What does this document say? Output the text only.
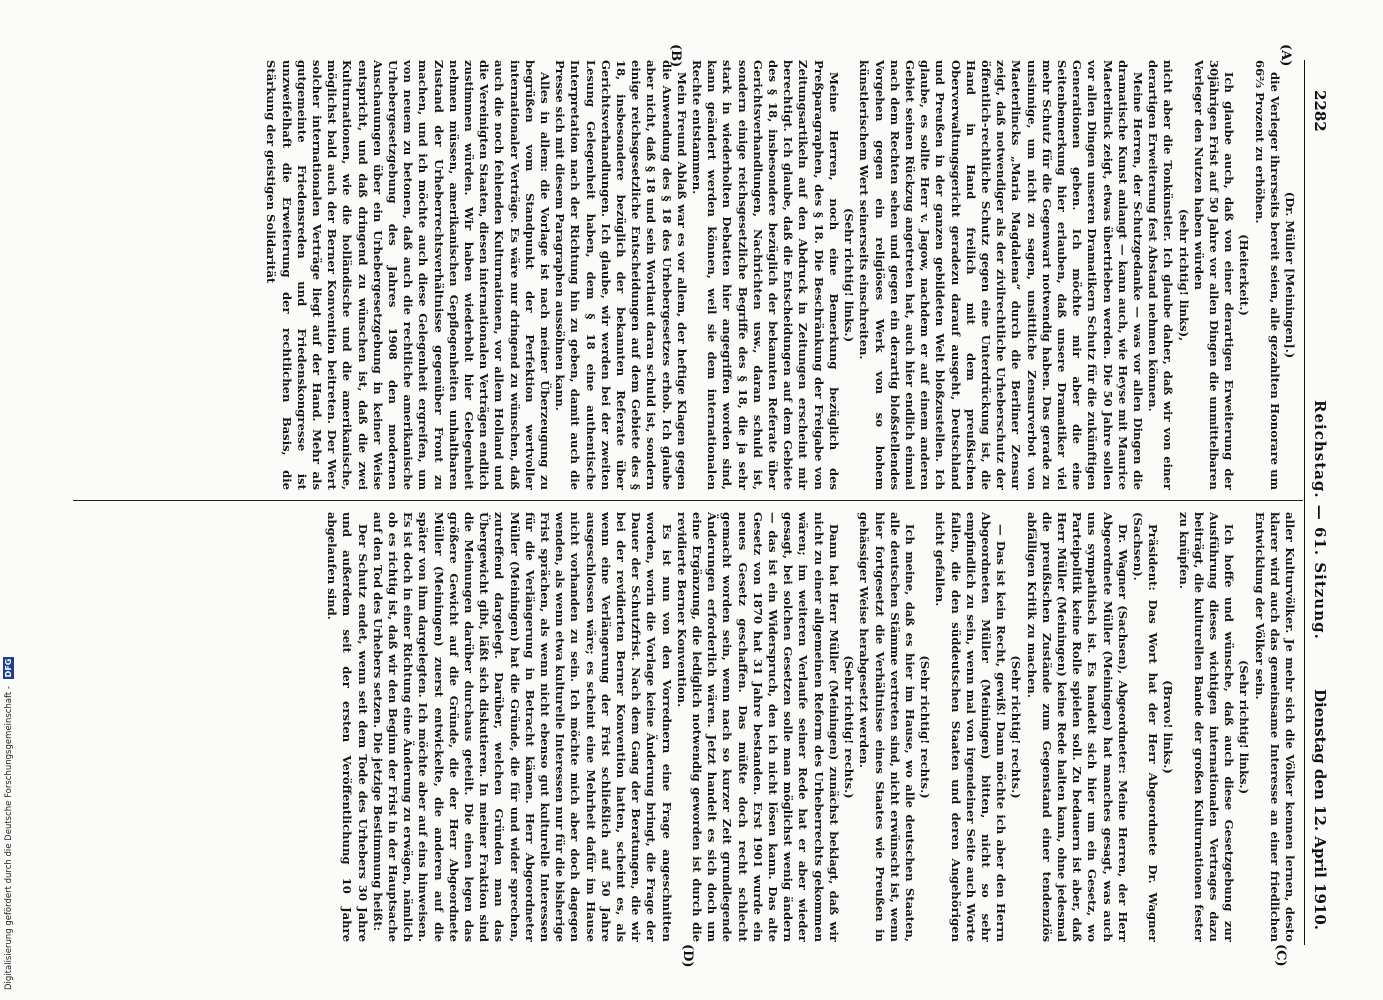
2282
Reichstag. — 61. Sitzung.
Dienstag den 12. April 1910.
(A)
(B)
(C)
(D)
(Dr. Müller [Meiningen].)

die Verleger ihrerseits bereit seien, alle gezahlten Honorare um 66⅔ Prozent zu erhöhen.

(Heiterkeit.)

Ich glaube auch, daß von einer derartigen Erweiterung der 30jährigen Frist auf 50 Jahre vor allen Dingen die unmittelbaren Verleger den Nutzen haben würden

(sehr richtig! links),

nicht aber die Tonkünstler. Ich glaube daher, daß wir von einer derartigen Erweiterung fest Abstand nehmen können.

Meine Herren, der Schutzgedanke — was vor allen Dingen die dramatische Kunst anlangt — kann auch, wie Heyse mit Maurice Maeterlinck zeigt, etwas übertrieben werden. Die 50 Jahre sollen vor allen Dingen unseren Dramatikern Schutz für die zukünftigen Generationen geben. Ich möchte mir aber die eine Seitenbemerkung hier erlauben, daß unsere Dramatiker viel mehr Schutz für die Gegenwart notwendig haben. Das gerade zu unsinnige, um nicht zu sagen, unsittliche Zensurverbot von Maeterlincks „Maria Magdalena“ durch die Berliner Zensur zeigt, daß notwendiger als der zivilrechtliche Urheberschutz der öffentlich-rechtliche Schutz gegen eine Unterdrückung ist, die Hand in Hand freilich mit dem preußischen Oberverwaltungsgericht geradezu darauf ausgeht, Deutschland und Preußen in der ganzen gebildeten Welt bloßzustellen. Ich glaube, es sollte Herr v. Jagow, nachdem er auf einem anderen Gebiet seinen Rückzug angetreten hat, auch hier endlich einmal nach dem Rechten sehen und gegen ein derartig bloßstellendes Vorgehen gegen ein religiöses Werk von so hohem künstlerischem Wert seinerseits einschreiten.

(Sehr richtig! links.)

Meine Herren, noch eine Bemerkung bezüglich des Preßparagraphen, des § 18. Die Beschränkung der Freigabe von Zeitungsartikeln auf den Abdruck in Zeitungen erscheint mir berechtigt. Ich glaube, daß die Entscheidungen auf dem Gebiete des § 18, insbesondere bezüglich der bekannten Referate über Gerichtsverhandlungen, Nachrichten usw., daran schuld ist, sondern einige reichsgesetzliche Begriffe des § 18, die ja sehr stark in wiederholten Debatten hier angegriffen worden sind, kann geändert werden können, weil sie dem internationalen Rechte entstammen.

Mein Freund Ablaß war es vor allem, der heftige Klagen gegen die Anwendung des § 18 des Urhebergesetzes erhob. Ich glaube aber nicht, daß § 18 und sein Wortlaut daran schuld ist, sondern einige reichsgesetzliche Entscheidungen auf dem Gebiete des § 18, insbesondere bezüglich der bekannten Referate über Gerichtsverhandlungen. Ich glaube, wir werden bei der zweiten Lesung Gelegenheit haben, dem § 18 eine authentische Interpretation nach der Richtung hin zu geben, damit auch die Presse sich mit diesem Paragraphen aussöhnen kann.

Alles in allem: die Vorlage ist nach meiner Überzeugung zu begrüßen vom Standpunkt der Perfektion wertvoller internationaler Verträge. Es wäre nur dringend zu wünschen, daß auch die noch fehlenden Kulturnationen, vor allem Holland und die Vereinigten Staaten, diesen internationalen Verträgen endlich zustimmen würden. Wir haben wiederholt hier Gelegenheit nehmen müssen, amerikanischen Gepflogenheiten unhaltbaren Zustand der Urheberrechtsverhältnisse gegenüber Front zu machen, und ich möchte auch diese Gelegenheit ergreifen, um von neuem zu betonen, daß auch die rechtliche amerikanische Urhebergesetzgebung des Jahres 1908 den modernen Anschauungen über ein Urhebergesetzgebung in keiner Weise entspricht, und daß dringend zu wünschen ist, daß die zwei Kulturnationen, wie die holländische und die amerikanische, möglichst bald auch der Berner Konvention beitreten. Der Wert solcher internationalen Verträge liegt auf der Hand. Mehr als gutgemeinte Friedensreden und Friedenskongresse ist unzweifelhaft die Erweiterung der rechtlichen Basis, die Stärkung der geistigen Solidarität

aller Kulturvölker. Je mehr sich die Völker kennen lernen, desto klarer wird auch das gemeinsame Interesse an einer friedlichen Entwicklung der Völker sein.

(Sehr richtig! links.)

Ich hoffe und wünsche, daß auch diese Gesetzgebung zur Ausführung dieses wichtigen internationalen Vertrages dazu beiträgt, die kulturellen Bande der großen Kulturnationen fester zu knüpfen.

(Bravo! links.)

Präsident: Das Wort hat der Herr Abgeordnete Dr. Wagner (Sachsen).

Dr. Wagner (Sachsen), Abgeordneter: Meine Herren, der Herr Abgeordnete Müller (Meiningen) hat manches gesagt, was auch uns sympathisch ist. Es handelt sich hier um ein Gesetz, wo Parteipolitik keine Rolle spielen soll. Zu bedauern ist aber, daß Herr Müller (Meiningen) keine Rede halten kann, ohne jedesmal die preußischen Zustände zum Gegenstand einer tendenziös abfälligen Kritik zu machen.

(Sehr richtig! rechts.)

— Das ist kein Recht, gewiß! Dann möchte ich aber den Herrn Abgeordneten Müller (Meiningen) bitten, nicht so sehr empfindlich zu sein, wenn mal von irgendeiner Seite auch Worte fallen, die den süddeutschen Staaten und deren Angehörigen nicht gefallen.

(Sehr richtig! rechts.)

Ich meine, daß es hier im Hause, wo alle deutschen Staaten, alle deutschen Stämme vertreten sind, nicht erwünscht ist, wenn hier fortgesetzt die Verhältnisse eines Staates wie Preußen in gehässiger Weise herabgesetzt werden.

(Sehr richtig! rechts.)

Dann hat Herr Müller (Meiningen) zunächst beklagt, daß wir nicht zu einer allgemeinen Reform des Urheberrechts gekommen wären; im weiteren Verlaufe seiner Rede hat er aber wieder gesagt, bei solchen Gesetzen solle man möglichst wenig ändern — das ist ein Widerspruch, den ich nicht lösen kann. Das alte Gesetz von 1870 hat 31 Jahre bestanden. Erst 1901 wurde ein neues Gesetz geschaffen. Das müßte doch recht schlecht gemacht worden sein, wenn nach so kurzer Zeit grundlegende Änderungen erforderlich wären. Jetzt handelt es sich doch um eine Ergänzung, die lediglich notwendig geworden ist durch die revidierte Berner Konvention.

Es ist nun von den Vorrednern eine Frage angeschnitten worden, worin die Vorlage keine Änderung bringt, die Frage der Dauer der Schutzfrist. Nach dem Gang der Beratungen, die wir bei der revidierten Berner Konvention hatten, scheint es, als wenn eine Verlängerung der Frist schließlich auf 50 Jahre ausgeschlossen wäre; es scheint eine Mehrheit dafür im Hause nicht vorhanden zu sein. Ich möchte mich aber doch dagegen wenden, als wenn etwa kulturelle Interessen nur für die bisherige Frist sprächen, als wenn nicht ebenso gut kulturelle Interessen für die Verlängerung in Betracht kämen. Herr Abgeordneter Müller (Meiningen) hat die Gründe, die für und wider sprechen, zutreffend dargelegt. Darüber, welchen Gründen man das Übergewicht gibt, läßt sich diskutieren. In meiner Fraktion sind die Meinungen darüber durchaus geteilt. Die einen legen das größere Gewicht auf die Gründe, die der Herr Abgeordnete Müller (Meiningen) zuerst entwickelte, die anderen auf die später von ihm dargelegten. Ich möchte aber auf eins hinweisen. Es ist doch in einer Richtung eine Änderung zu erwägen, nämlich ob es richtig ist, daß wir den Beginn der Frist in der Hauptsache auf den Tod des Urhebers setzen. Die jetzige Bestimmung heißt:

Der Schutz endet, wenn seit dem Tode des Urhebers 30 Jahre und außerdem seit der ersten Veröffentlichung 10 Jahre abgelaufen sind.

Digitalisierung gefördert durch die Deutsche Forschungsgemeinschaft - DFG
